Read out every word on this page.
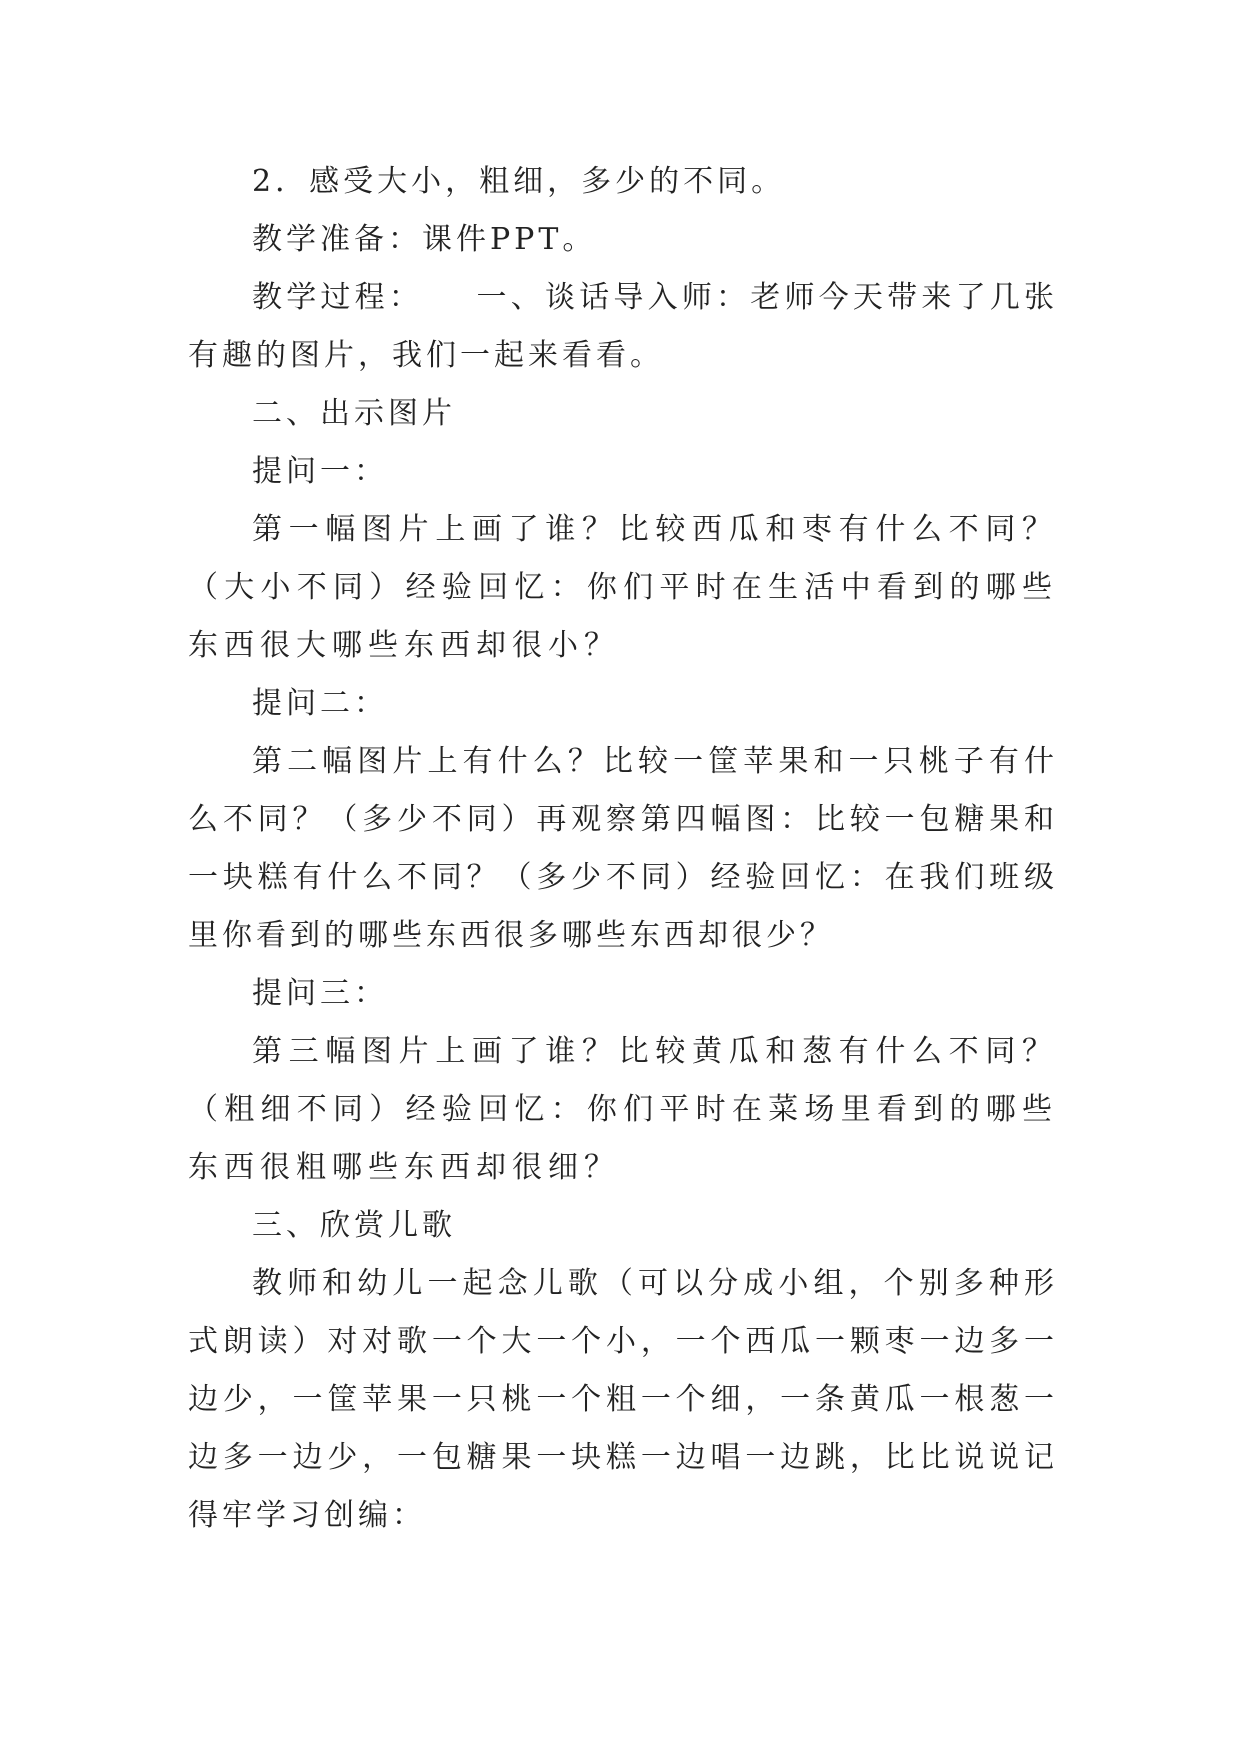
2．感受大小，粗细，多少的不同。

教学准备：课件PPT。

教学过程：　　一、谈话导入师：老师今天带来了几张有趣的图片，我们一起来看看。

二、出示图片

提问一：

第一幅图片上画了谁？比较西瓜和枣有什么不同？（大小不同）经验回忆：你们平时在生活中看到的哪些东西很大哪些东西却很小？

提问二：

第二幅图片上有什么？比较一筐苹果和一只桃子有什么不同？（多少不同）再观察第四幅图：比较一包糖果和一块糕有什么不同？（多少不同）经验回忆：在我们班级里你看到的哪些东西很多哪些东西却很少？

提问三：

第三幅图片上画了谁？比较黄瓜和葱有什么不同？（粗细不同）经验回忆：你们平时在菜场里看到的哪些东西很粗哪些东西却很细？

三、欣赏儿歌

教师和幼儿一起念儿歌（可以分成小组，个别多种形式朗读）对对歌一个大一个小，一个西瓜一颗枣一边多一边少，一筐苹果一只桃一个粗一个细，一条黄瓜一根葱一边多一边少，一包糖果一块糕一边唱一边跳，比比说说记得牢学习创编：
